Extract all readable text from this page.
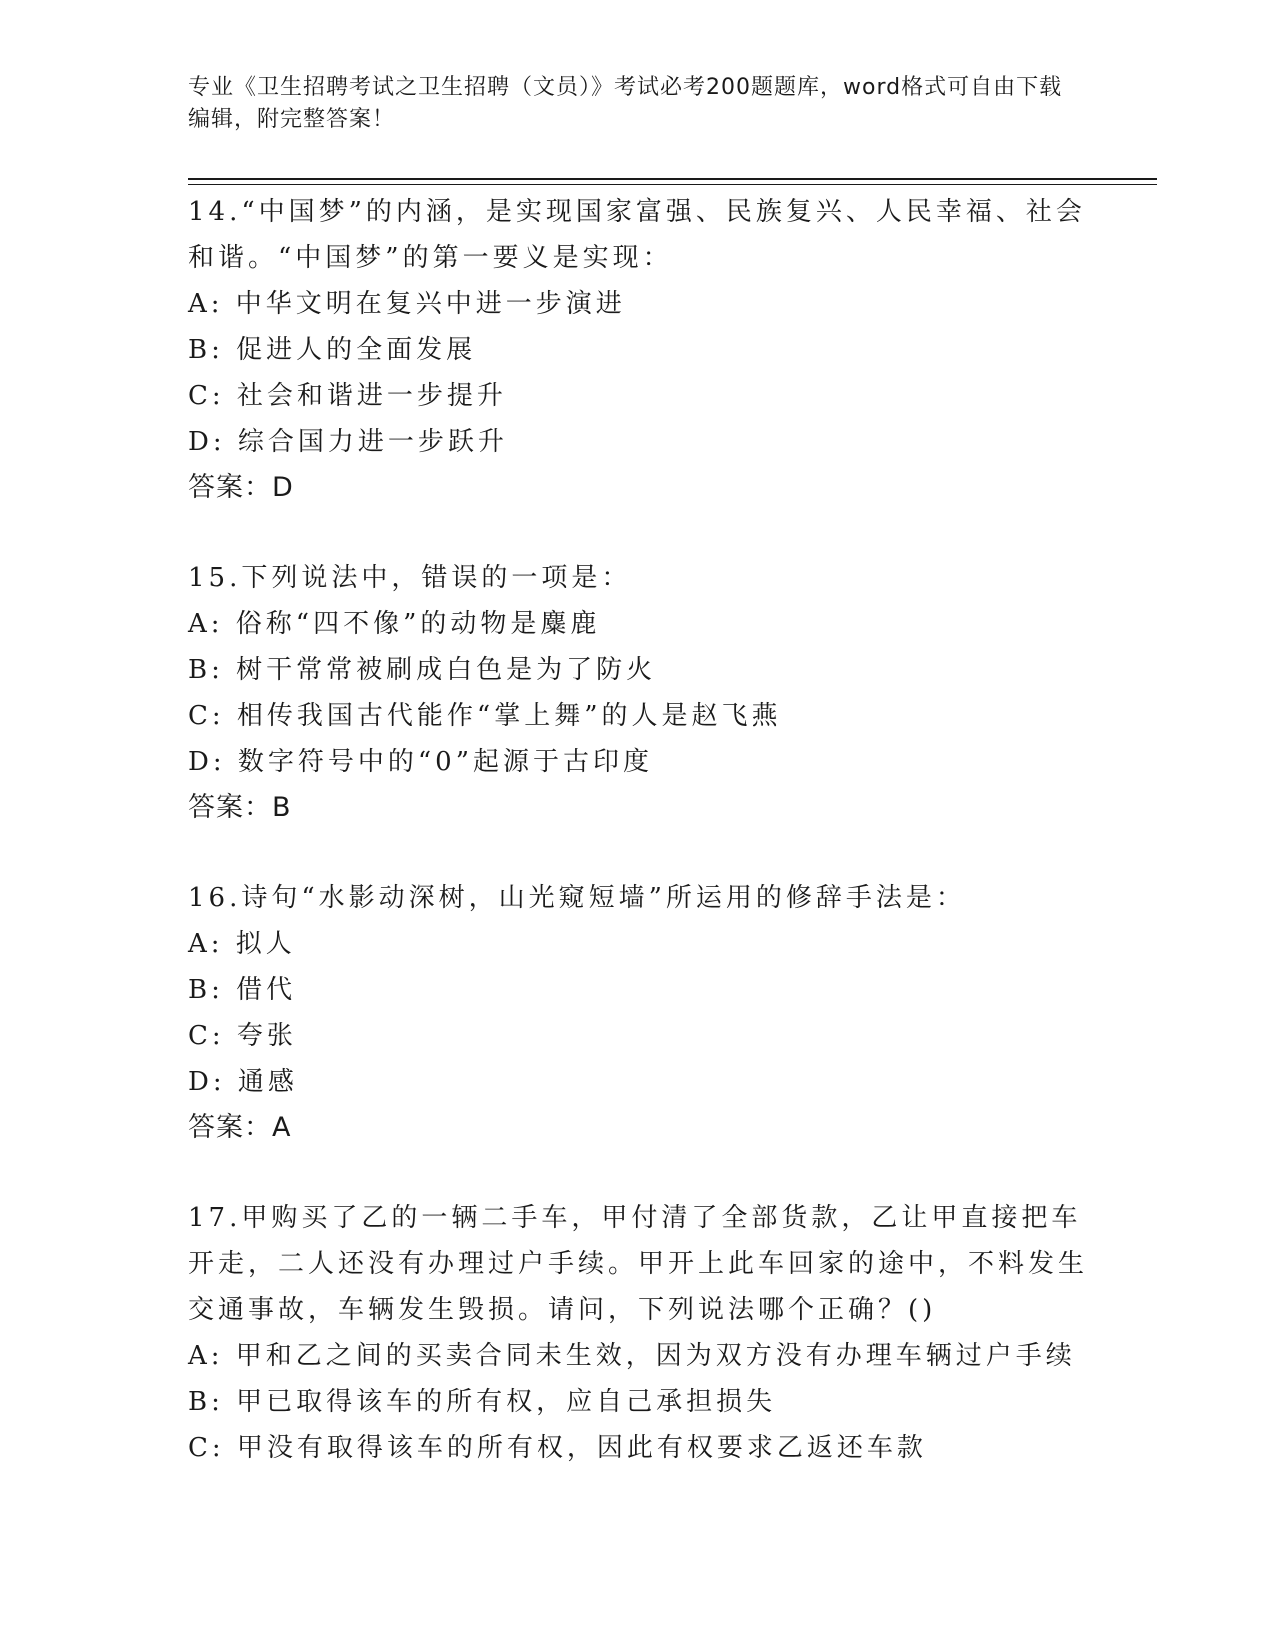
专业《卫生招聘考试之卫生招聘（文员）》考试必考200题题库，word格式可自由下载编辑，附完整答案！

14.“中国梦”的内涵，是实现国家富强、民族复兴、人民幸福、社会和谐。“中国梦”的第一要义是实现：

A: 中华文明在复兴中进一步演进

B: 促进人的全面发展

C: 社会和谐进一步提升

D: 综合国力进一步跃升

答案：D

15.下列说法中，错误的一项是：

A: 俗称“四不像”的动物是麋鹿

B: 树干常常被刷成白色是为了防火

C: 相传我国古代能作“掌上舞”的人是赵飞燕

D: 数字符号中的“0”起源于古印度

答案：B

16.诗句“水影动深树，山光窥短墙”所运用的修辞手法是：

A: 拟人

B: 借代

C: 夸张

D: 通感

答案：A

17.甲购买了乙的一辆二手车，甲付清了全部货款，乙让甲直接把车开走，二人还没有办理过户手续。甲开上此车回家的途中，不料发生交通事故，车辆发生毁损。请问，下列说法哪个正确？()

A: 甲和乙之间的买卖合同未生效，因为双方没有办理车辆过户手续

B: 甲已取得该车的所有权，应自己承担损失

C: 甲没有取得该车的所有权，因此有权要求乙返还车款
